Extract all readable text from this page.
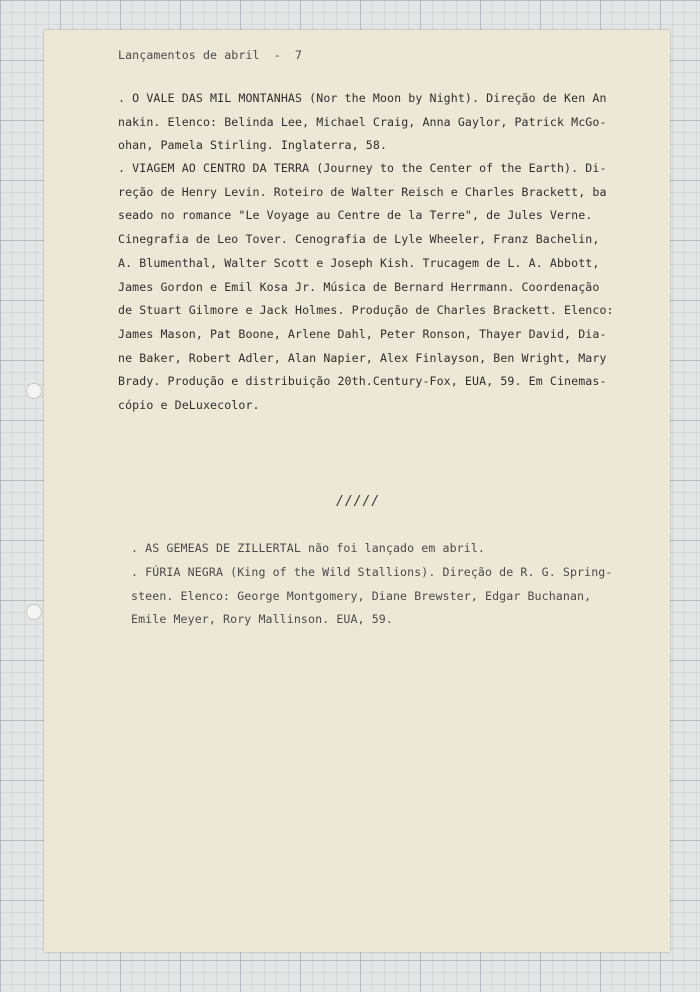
Lançamentos de abril  -  7
. O VALE DAS MIL MONTANHAS (Nor the Moon by Night). Direção de Ken An
nakin. Elenco: Belinda Lee, Michael Craig, Anna Gaylor, Patrick McGo-
ohan, Pamela Stirling. Inglaterra, 58.
. VIAGEM AO CENTRO DA TERRA (Journey to the Center of the Earth). Di-
reção de Henry Levin. Roteiro de Walter Reisch e Charles Brackett, ba
seado no romance "Le Voyage au Centre de la Terre", de Jules Verne.
Cinegrafia de Leo Tover. Cenografia de Lyle Wheeler, Franz Bachelin,
A. Blumenthal, Walter Scott e Joseph Kish. Trucagem de L. A. Abbott,
James Gordon e Emil Kosa Jr. Música de Bernard Herrmann. Coordenação
de Stuart Gilmore e Jack Holmes. Produção de Charles Brackett. Elenco:
James Mason, Pat Boone, Arlene Dahl, Peter Ronson, Thayer David, Dia-
ne Baker, Robert Adler, Alan Napier, Alex Finlayson, Ben Wright, Mary
Brady. Produção e distribuição 20th.Century-Fox, EUA, 59. Em Cinemas-
cópio e DeLuxecolor.
/////
. AS GEMEAS DE ZILLERTAL não foi lançado em abril.
. FÚRIA NEGRA (King of the Wild Stallions). Direção de R. G. Spring-
steen. Elenco: George Montgomery, Diane Brewster, Edgar Buchanan,
Emile Meyer, Rory Mallinson. EUA, 59.
